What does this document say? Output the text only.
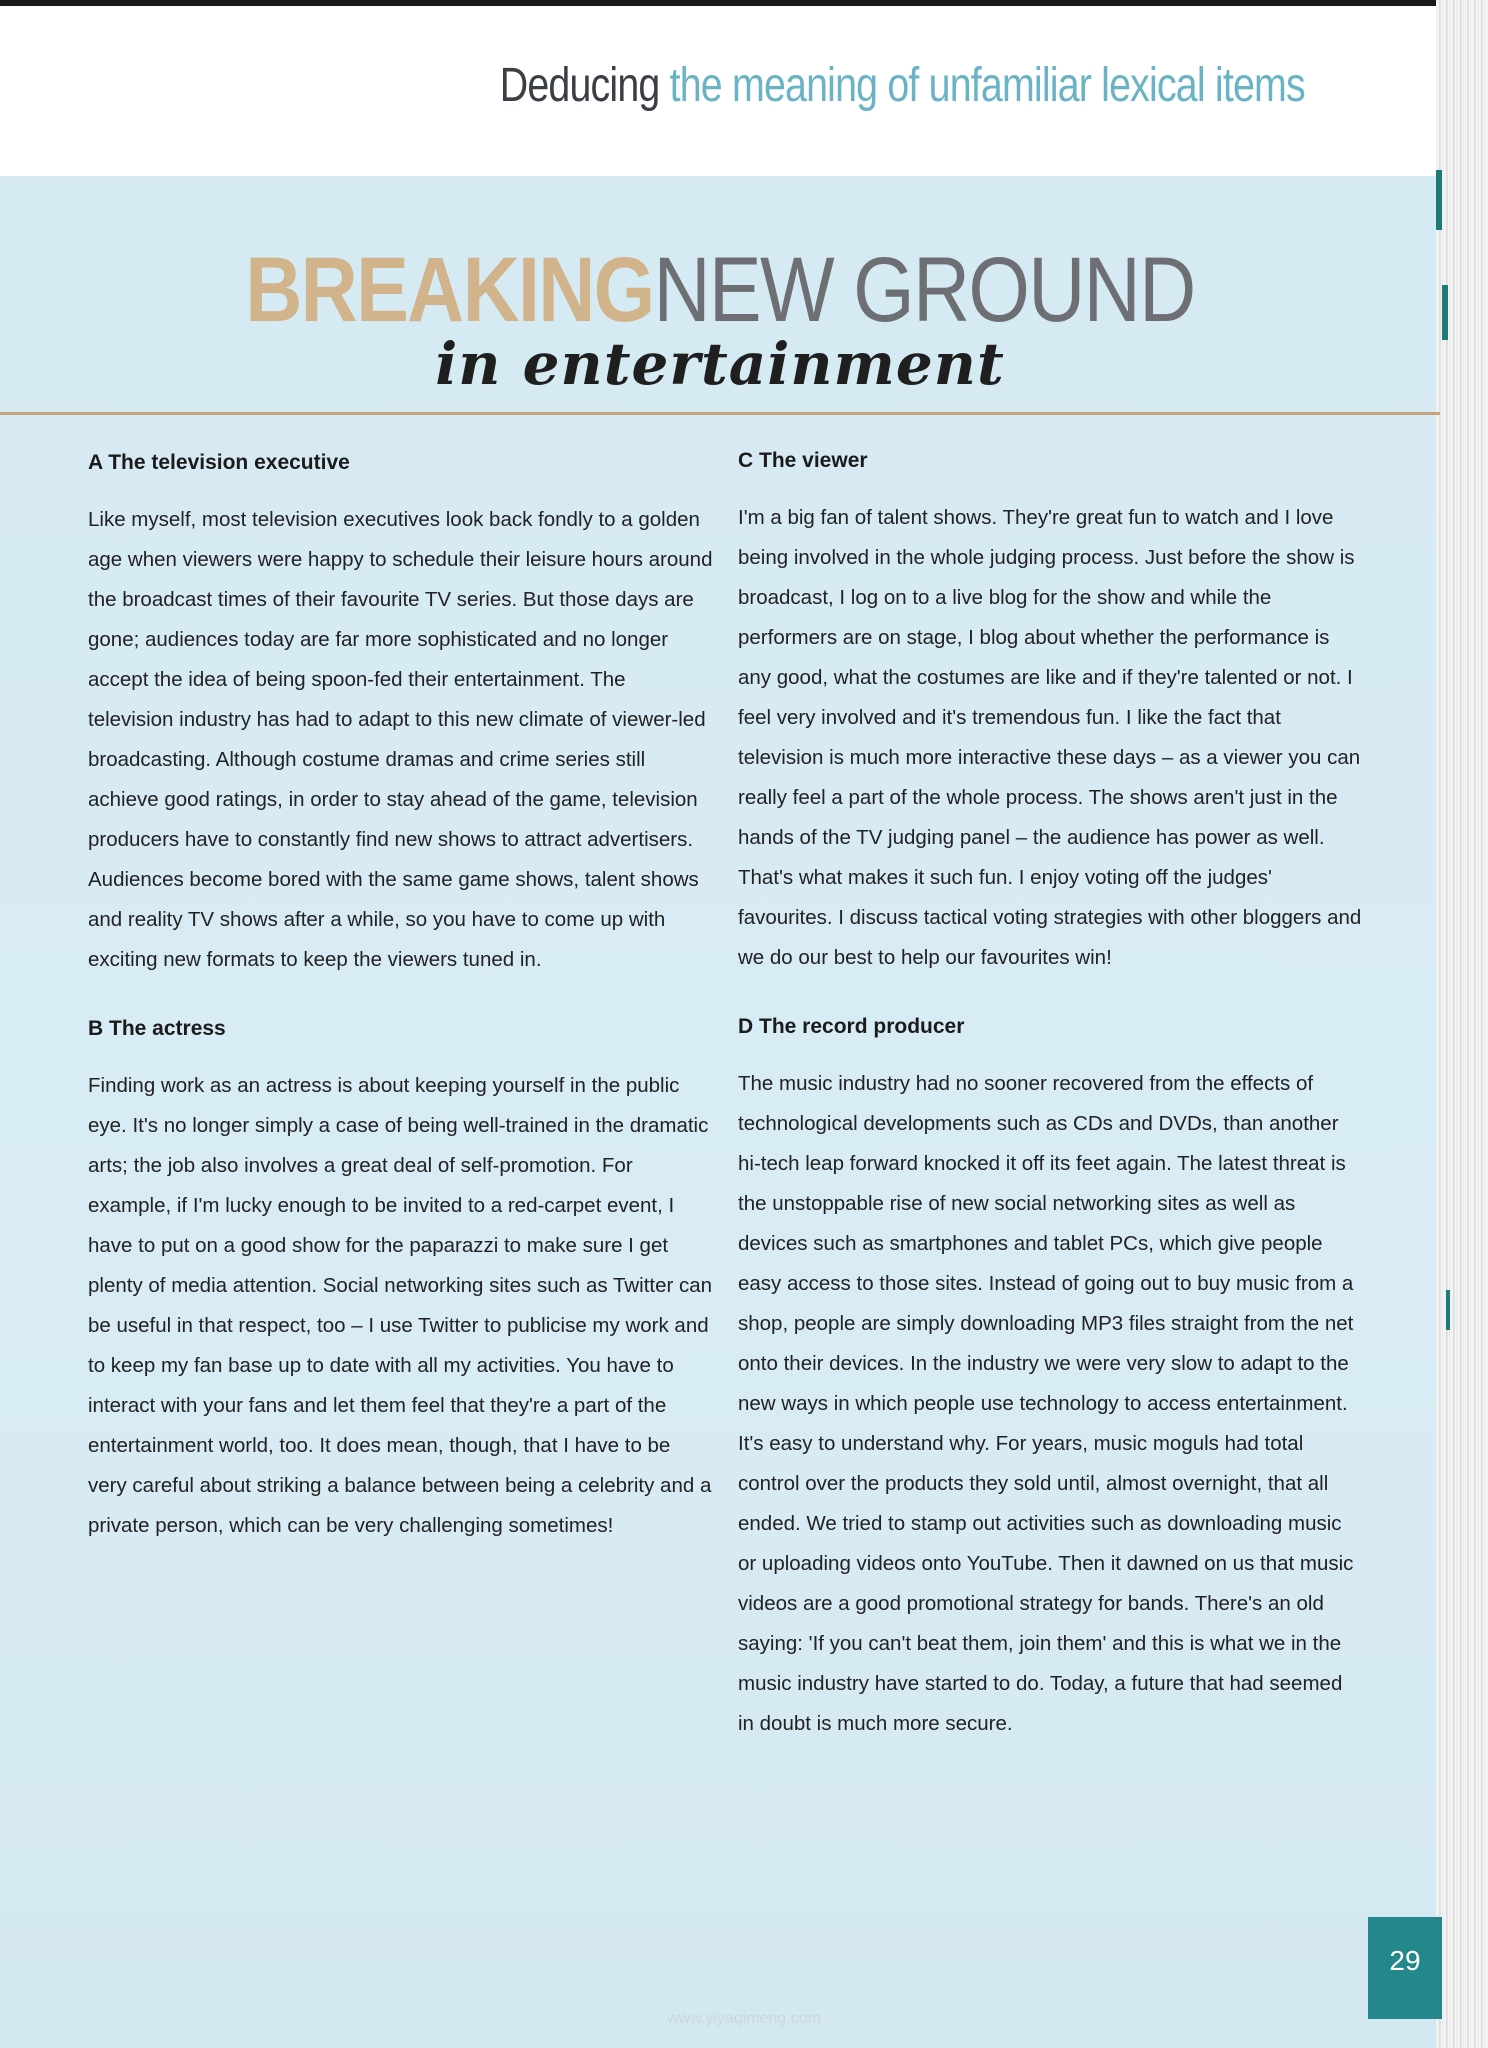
Deducing the meaning of unfamiliar lexical items
BREAKINGNEW GROUND
in entertainment
A The television executive
Like myself, most television executives look back fondly to a golden age when viewers were happy to schedule their leisure hours around the broadcast times of their favourite TV series. But those days are gone; audiences today are far more sophisticated and no longer accept the idea of being spoon-fed their entertainment. The television industry has had to adapt to this new climate of viewer-led broadcasting. Although costume dramas and crime series still achieve good ratings, in order to stay ahead of the game, television producers have to constantly find new shows to attract advertisers. Audiences become bored with the same game shows, talent shows and reality TV shows after a while, so you have to come up with exciting new formats to keep the viewers tuned in.
B The actress
Finding work as an actress is about keeping yourself in the public eye. It's no longer simply a case of being well-trained in the dramatic arts; the job also involves a great deal of self-promotion. For example, if I'm lucky enough to be invited to a red-carpet event, I have to put on a good show for the paparazzi to make sure I get plenty of media attention. Social networking sites such as Twitter can be useful in that respect, too – I use Twitter to publicise my work and to keep my fan base up to date with all my activities. You have to interact with your fans and let them feel that they're a part of the entertainment world, too. It does mean, though, that I have to be very careful about striking a balance between being a celebrity and a private person, which can be very challenging sometimes!
C The viewer
I'm a big fan of talent shows. They're great fun to watch and I love being involved in the whole judging process. Just before the show is broadcast, I log on to a live blog for the show and while the performers are on stage, I blog about whether the performance is any good, what the costumes are like and if they're talented or not. I feel very involved and it's tremendous fun. I like the fact that television is much more interactive these days – as a viewer you can really feel a part of the whole process. The shows aren't just in the hands of the TV judging panel – the audience has power as well. That's what makes it such fun. I enjoy voting off the judges' favourites. I discuss tactical voting strategies with other bloggers and we do our best to help our favourites win!
D The record producer
The music industry had no sooner recovered from the effects of technological developments such as CDs and DVDs, than another hi-tech leap forward knocked it off its feet again. The latest threat is the unstoppable rise of new social networking sites as well as devices such as smartphones and tablet PCs, which give people easy access to those sites. Instead of going out to buy music from a shop, people are simply downloading MP3 files straight from the net onto their devices. In the industry we were very slow to adapt to the new ways in which people use technology to access entertainment. It's easy to understand why. For years, music moguls had total control over the products they sold until, almost overnight, that all ended. We tried to stamp out activities such as downloading music or uploading videos onto YouTube. Then it dawned on us that music videos are a good promotional strategy for bands. There's an old saying: 'If you can't beat them, join them' and this is what we in the music industry have started to do. Today, a future that had seemed in doubt is much more secure.
29
www.yiyaqimeng.com
